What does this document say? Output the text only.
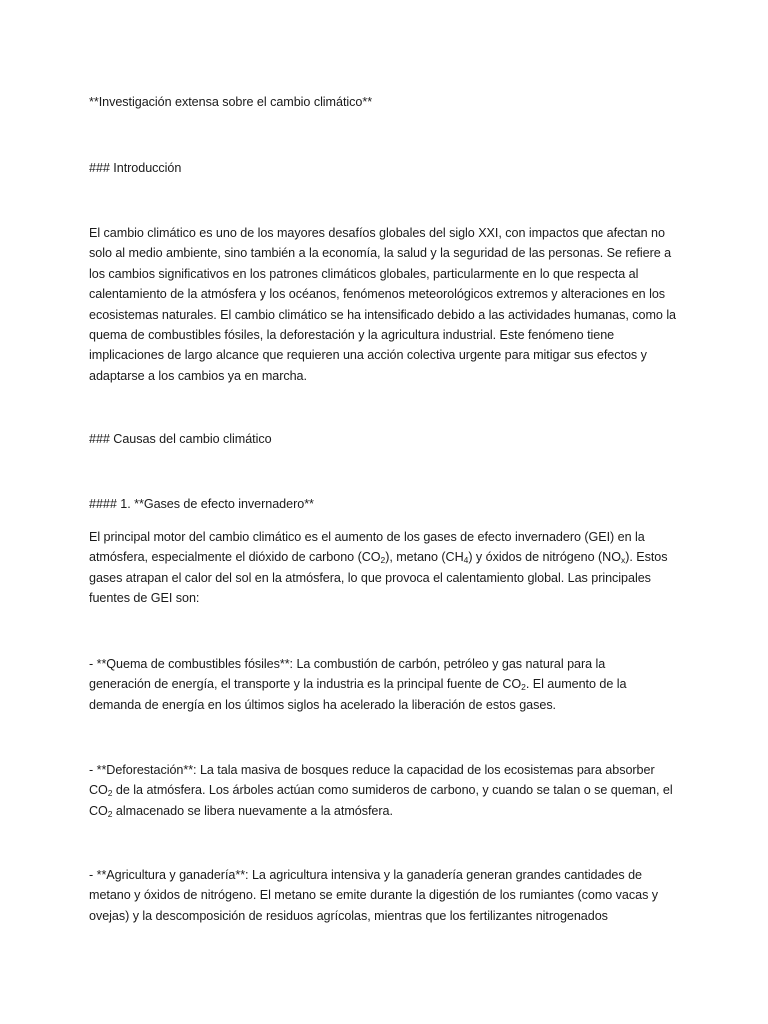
**Investigación extensa sobre el cambio climático**
### Introducción
El cambio climático es uno de los mayores desafíos globales del siglo XXI, con impactos que afectan no
solo al medio ambiente, sino también a la economía, la salud y la seguridad de las personas. Se refiere a
los cambios significativos en los patrones climáticos globales, particularmente en lo que respecta al
calentamiento de la atmósfera y los océanos, fenómenos meteorológicos extremos y alteraciones en los
ecosistemas naturales. El cambio climático se ha intensificado debido a las actividades humanas, como la
quema de combustibles fósiles, la deforestación y la agricultura industrial. Este fenómeno tiene
implicaciones de largo alcance que requieren una acción colectiva urgente para mitigar sus efectos y
adaptarse a los cambios ya en marcha.
### Causas del cambio climático
#### 1. **Gases de efecto invernadero**
El principal motor del cambio climático es el aumento de los gases de efecto invernadero (GEI) en la
atmósfera, especialmente el dióxido de carbono $(CO_2)$, metano $(CH_4)$ y óxidos de nitrógeno $(NO_x)$. Estos
gases atrapan el calor del sol en la atmósfera, lo que provoca el calentamiento global. Las principales
fuentes de GEI son:
- **Quema de combustibles fósiles**: La combustión de carbón, petróleo y gas natural para la
generación de energía, el transporte y la industria es la principal fuente de $CO_2$. El aumento de la
demanda de energía en los últimos siglos ha acelerado la liberación de estos gases.
- **Deforestación**: La tala masiva de bosques reduce la capacidad de los ecosistemas para absorber
$CO_2$ de la atmósfera. Los árboles actúan como sumideros de carbono, y cuando se talan o se queman, el
$CO_2$ almacenado se libera nuevamente a la atmósfera.
- **Agricultura y ganadería**: La agricultura intensiva y la ganadería generan grandes cantidades de
metano y óxidos de nitrógeno. El metano se emite durante la digestión de los rumiantes (como vacas y
ovejas) y la descomposición de residuos agrícolas, mientras que los fertilizantes nitrogenados
